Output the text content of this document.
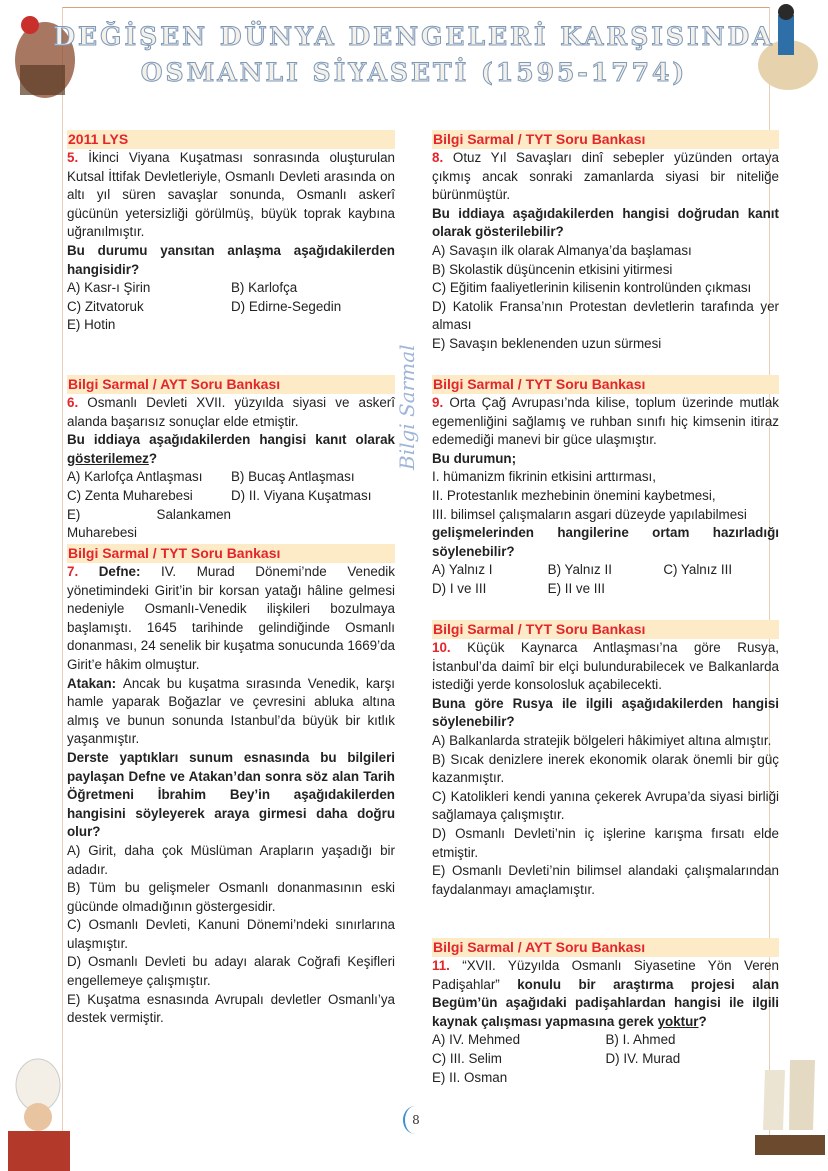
DEĞİŞEN DÜNYA DENGELERİ KARŞISINDA
OSMANLI SİYASETİ (1595-1774)
Bilgi Sarmal
2011 LYS

5. İkinci Viyana Kuşatması sonrasında oluşturulan Kutsal İttifak Devletleriyle, Osmanlı Devleti arasında on altı yıl süren savaşlar sonunda, Osmanlı askerî gücünün yetersizliği görülmüş, büyük toprak kaybına uğranılmıştır.

Bu durumu yansıtan anlaşma aşağıdakilerden hangisidir?

A) Kasr-ı Şirin	B) Karlofça
C) Zitvatoruk	D) Edirne-Segedin
E) Hotin
Bilgi Sarmal / AYT Soru Bankası

6. Osmanlı Devleti XVII. yüzyılda siyasi ve askerî alanda başarısız sonuçlar elde etmiştir.

Bu iddiaya aşağıdakilerden hangisi kanıt olarak gösterilemez?

A) Karlofça Antlaşması	B) Bucaş Antlaşması
C) Zenta Muharebesi	D) II. Viyana Kuşatması
E) Salankamen Muharebesi
Bilgi Sarmal / TYT Soru Bankası

7. Defne: IV. Murad Dönemi’nde Venedik yönetimindeki Girit’in bir korsan yatağı hâline gelmesi nedeniyle Osmanlı-Venedik ilişkileri bozulmaya başlamıştı. 1645 tarihinde gelindiğinde Osmanlı donanması, 24 senelik bir kuşatma sonucunda 1669’da Girit’e hâkim olmuştur.

Atakan: Ancak bu kuşatma sırasında Venedik, karşı hamle yaparak Boğazlar ve çevresini abluka altına almış ve bunun sonunda Istanbul’da büyük bir kıtlık yaşanmıştır.

Derste yaptıkları sunum esnasında bu bilgileri paylaşan Defne ve Atakan’dan sonra söz alan Tarih Öğretmeni İbrahim Bey’in aşağıdakilerden hangisini söyleyerek araya girmesi daha doğru olur?

A) Girit, daha çok Müslüman Arapların yaşadığı bir adadır.
B) Tüm bu gelişmeler Osmanlı donanmasının eski gücünde olmadığının göstergesidir.
C) Osmanlı Devleti, Kanuni Dönemi’ndeki sınırlarına ulaşmıştır.
D) Osmanlı Devleti bu adayı alarak Coğrafi Keşifleri engellemeye çalışmıştır.
E) Kuşatma esnasında Avrupalı devletler Osmanlı’ya destek vermiştir.
Bilgi Sarmal / TYT Soru Bankası

8. Otuz Yıl Savaşları dinî sebepler yüzünden ortaya çıkmış ancak sonraki zamanlarda siyasi bir niteliğe bürünmüştür.

Bu iddiaya aşağıdakilerden hangisi doğrudan kanıt olarak gösterilebilir?

A) Savaşın ilk olarak Almanya’da başlaması
B) Skolastik düşüncenin etkisini yitirmesi
C) Eğitim faaliyetlerinin kilisenin kontrolünden çıkması
D) Katolik Fransa’nın Protestan devletlerin tarafında yer alması
E) Savaşın beklenenden uzun sürmesi
Bilgi Sarmal / TYT Soru Bankası

9. Orta Çağ Avrupası’nda kilise, toplum üzerinde mutlak egemenliğini sağlamış ve ruhban sınıfı hiç kimsenin itiraz edemediği manevi bir güce ulaşmıştır.

Bu durumun;

I. hümanizm fikrinin etkisini arttırması,

II. Protestanlık mezhebinin önemini kaybetmesi,

III. bilimsel çalışmaların asgari düzeyde yapılabilmesi

gelişmelerinden hangilerine ortam hazırladığı söylenebilir?

A) Yalnız I	B) Yalnız II	C) Yalnız III
D) I ve III	E) II ve III
Bilgi Sarmal / TYT Soru Bankası

10. Küçük Kaynarca Antlaşması’na göre Rusya, İstanbul’da daimî bir elçi bulundurabilecek ve Balkanlarda istediği yerde konsolosluk açabilecekti.

Buna göre Rusya ile ilgili aşağıdakilerden hangisi söylenebilir?

A) Balkanlarda stratejik bölgeleri hâkimiyet altına almıştır.
B) Sıcak denizlere inerek ekonomik olarak önemli bir güç kazanmıştır.
C) Katolikleri kendi yanına çekerek Avrupa’da siyasi birliği sağlamaya çalışmıştır.
D) Osmanlı Devleti’nin iç işlerine karışma fırsatı elde etmiştir.
E) Osmanlı Devleti’nin bilimsel alandaki çalışmalarından faydalanmayı amaçlamıştır.
Bilgi Sarmal / AYT Soru Bankası

11. “XVII. Yüzyılda Osmanlı Siyasetine Yön Veren Padişahlar” konulu bir araştırma projesi alan Begüm’ün aşağıdaki padişahlardan hangisi ile ilgili kaynak çalışması yapmasına gerek yoktur?

A) IV. Mehmed	B) I. Ahmed
C) III. Selim	D) IV. Murad
E) II. Osman
8
